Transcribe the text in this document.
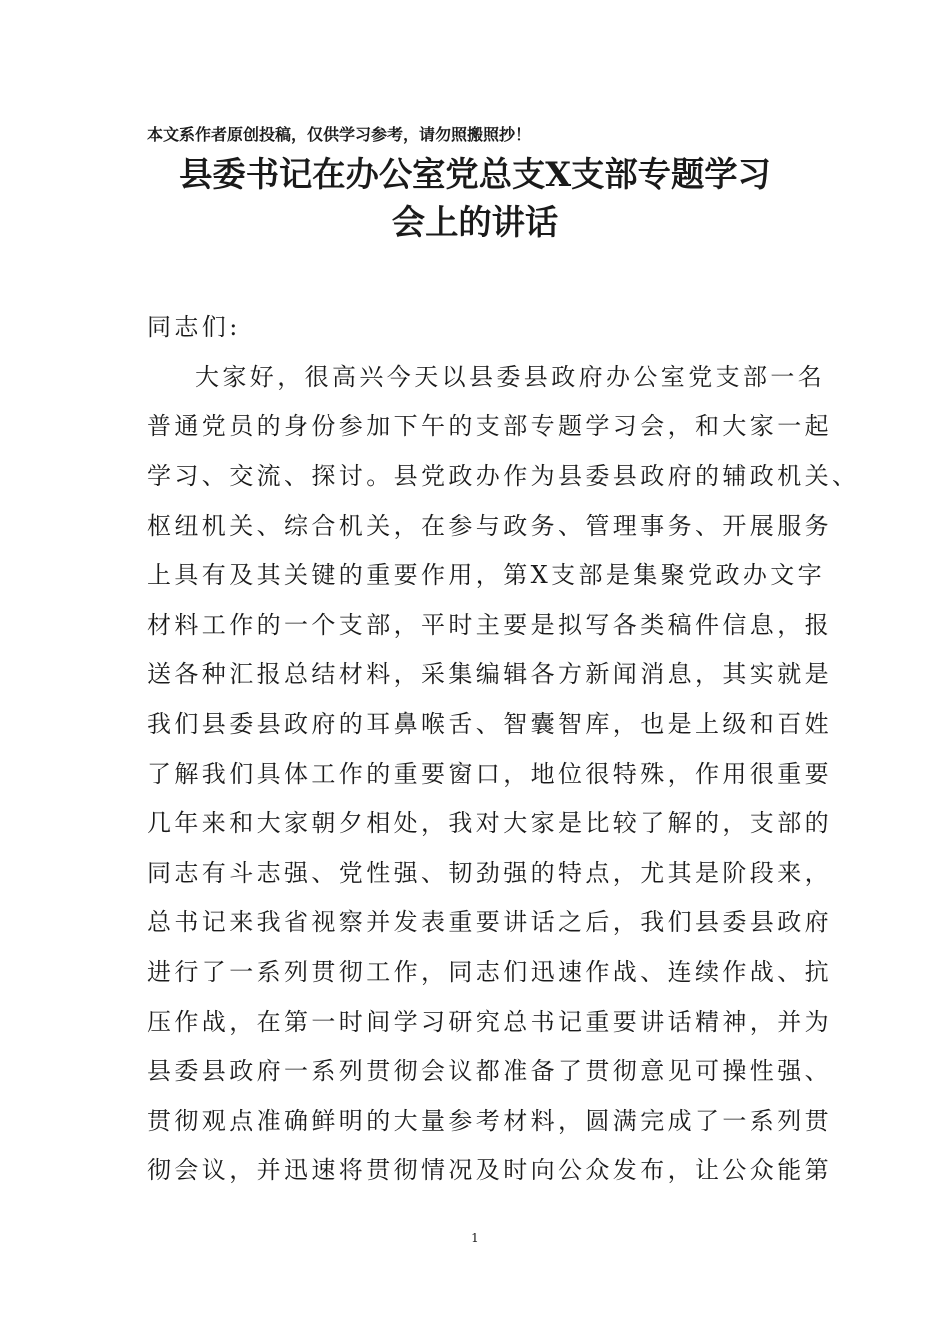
本文系作者原创投稿，仅供学习参考，请勿照搬照抄！
县委书记在办公室党总支X支部专题学习
会上的讲话
同志们:
大家好，很高兴今天以县委县政府办公室党支部一名
普通党员的身份参加下午的支部专题学习会，和大家一起
学习、交流、探讨。县党政办作为县委县政府的辅政机关、
枢纽机关、综合机关，在参与政务、管理事务、开展服务
上具有及其关键的重要作用，第X支部是集聚党政办文字
材料工作的一个支部，平时主要是拟写各类稿件信息，报
送各种汇报总结材料，采集编辑各方新闻消息，其实就是
我们县委县政府的耳鼻喉舌、智囊智库，也是上级和百姓
了解我们具体工作的重要窗口，地位很特殊，作用很重要
几年来和大家朝夕相处，我对大家是比较了解的，支部的
同志有斗志强、党性强、韧劲强的特点，尤其是阶段来，
总书记来我省视察并发表重要讲话之后，我们县委县政府
进行了一系列贯彻工作，同志们迅速作战、连续作战、抗
压作战，在第一时间学习研究总书记重要讲话精神，并为
县委县政府一系列贯彻会议都准备了贯彻意见可操性强、
贯彻观点准确鲜明的大量参考材料，圆满完成了一系列贯
彻会议，并迅速将贯彻情况及时向公众发布，让公众能第
1
